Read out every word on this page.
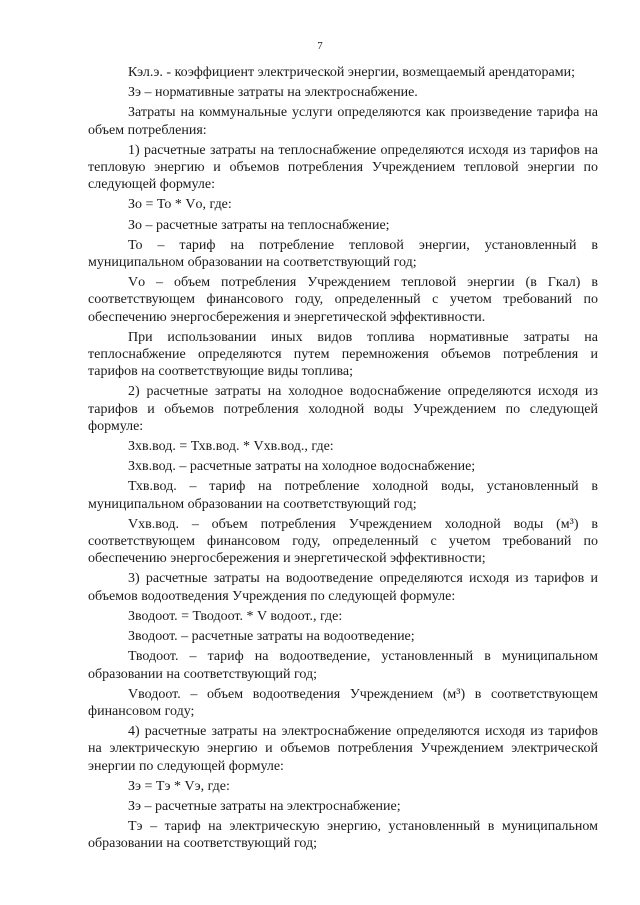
7

Кэл.э. - коэффициент электрической энергии, возмещаемый арендаторами;

Зэ – нормативные затраты на электроснабжение.

Затраты на коммунальные услуги определяются как произведение тарифа на объем потребления:

1) расчетные затраты на теплоснабжение определяются исходя из тарифов на тепловую энергию и объемов потребления Учреждением тепловой энергии по следующей формуле:

Зо = То * Vо, где:

Зо – расчетные затраты на теплоснабжение;

То – тариф на потребление тепловой энергии, установленный в муниципальном образовании на соответствующий год;

Vо – объем потребления Учреждением тепловой энергии (в Гкал) в соответствующем финансового году, определенный с учетом требований по обеспечению энергосбережения и энергетической эффективности.

При использовании иных видов топлива нормативные затраты на теплоснабжение определяются путем перемножения объемов потребления и тарифов на соответствующие виды топлива;

2) расчетные затраты на холодное водоснабжение определяются исходя из тарифов и объемов потребления холодной воды Учреждением по следующей формуле:

Зхв.вод. = Тхв.вод. * Vхв.вод., где:

Зхв.вод. – расчетные затраты на холодное водоснабжение;

Тхв.вод. – тариф на потребление холодной воды, установленный в муниципальном образовании на соответствующий год;

Vхв.вод. – объем потребления Учреждением холодной воды (м³) в соответствующем финансовом году, определенный с учетом требований по обеспечению энергосбережения и энергетической эффективности;

3) расчетные затраты на водоотведение определяются исходя из тарифов и объемов водоотведения Учреждения по следующей формуле:

Зводоот. = Тводоот. * V водоот., где:

Зводоот. – расчетные затраты на водоотведение;

Тводоот. – тариф на водоотведение, установленный в муниципальном образовании на соответствующий год;

Vводоот. – объем водоотведения Учреждением (м³) в соответствующем финансовом году;

4) расчетные затраты на электроснабжение определяются исходя из тарифов на электрическую энергию и объемов потребления Учреждением электрической энергии по следующей формуле:

Зэ = Тэ * Vэ, где:

Зэ – расчетные затраты на электроснабжение;

Тэ – тариф на электрическую энергию, установленный в муниципальном образовании на соответствующий год;
